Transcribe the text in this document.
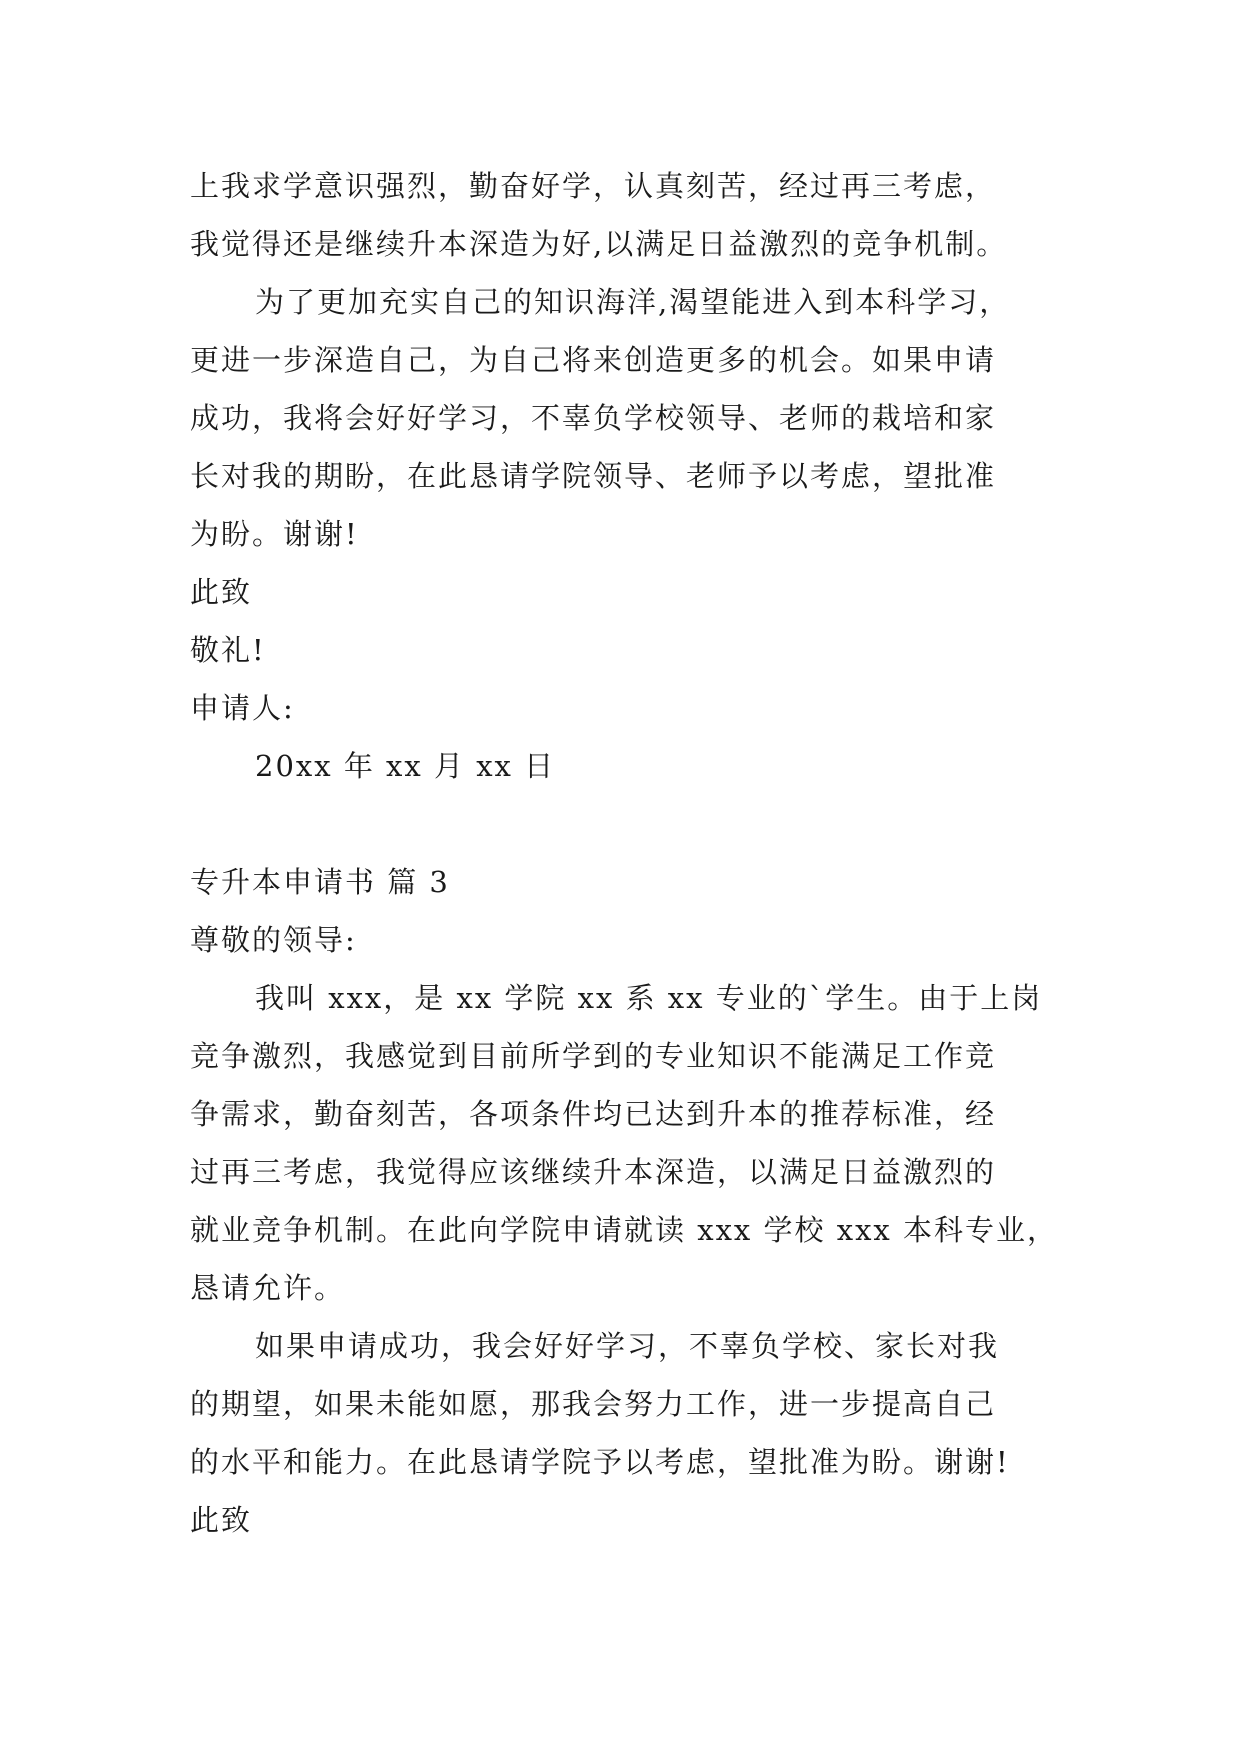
上我求学意识强烈，勤奋好学，认真刻苦，经过再三考虑，
我觉得还是继续升本深造为好,以满足日益激烈的竞争机制。
为了更加充实自己的知识海洋,渴望能进入到本科学习，
更进一步深造自己，为自己将来创造更多的机会。如果申请
成功，我将会好好学习，不辜负学校领导、老师的栽培和家
长对我的期盼，在此恳请学院领导、老师予以考虑，望批准
为盼。谢谢!
此致
敬礼!
申请人:
20xx 年 xx 月 xx 日
专升本申请书 篇 3
尊敬的领导:
我叫 xxx，是 xx 学院 xx 系 xx 专业的`学生。由于上岗
竞争激烈，我感觉到目前所学到的专业知识不能满足工作竞
争需求，勤奋刻苦，各项条件均已达到升本的推荐标准，经
过再三考虑，我觉得应该继续升本深造，以满足日益激烈的
就业竞争机制。在此向学院申请就读 xxx 学校 xxx 本科专业，
恳请允许。
如果申请成功，我会好好学习，不辜负学校、家长对我
的期望，如果未能如愿，那我会努力工作，进一步提高自己
的水平和能力。在此恳请学院予以考虑，望批准为盼。谢谢!
此致
